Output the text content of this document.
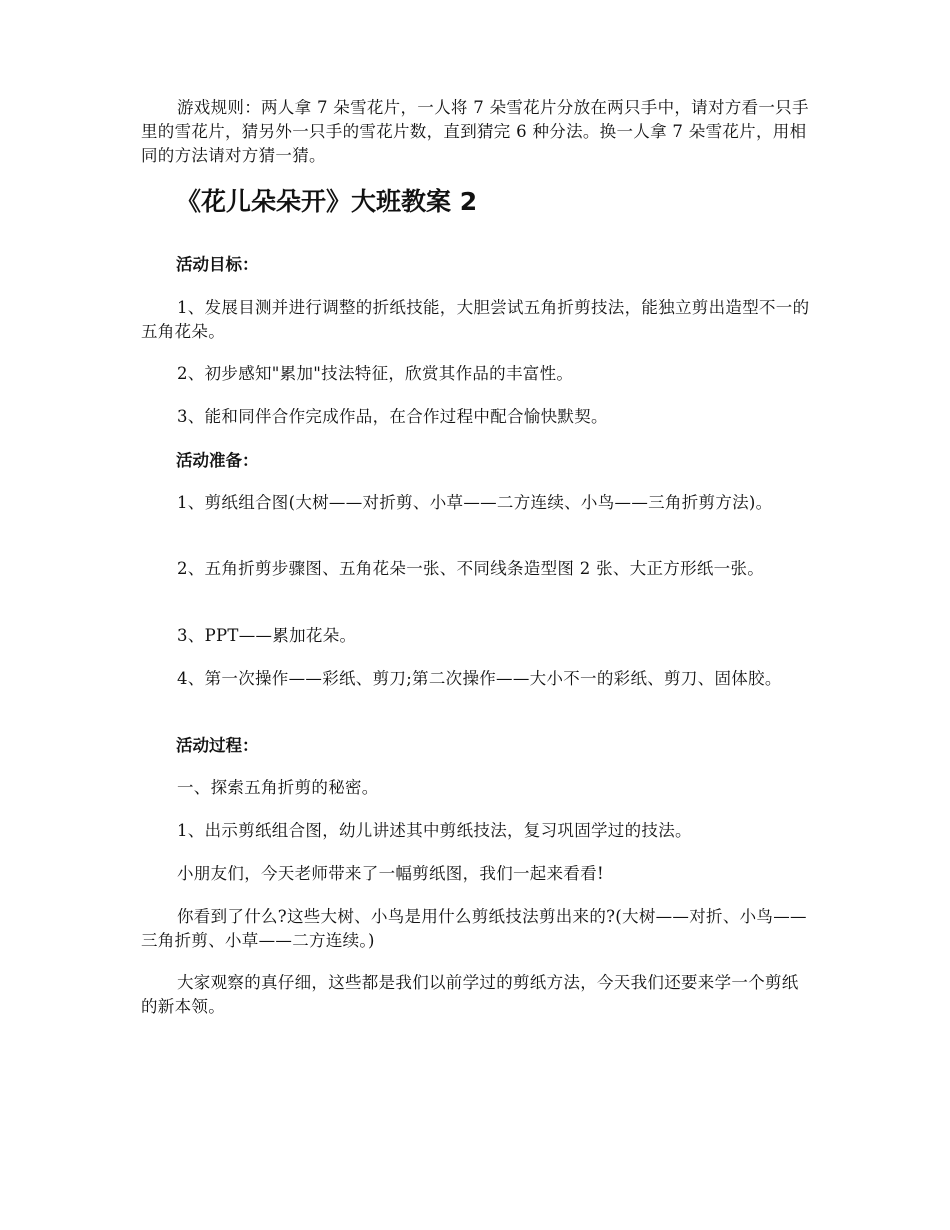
游戏规则：两人拿 7 朵雪花片，一人将 7 朵雪花片分放在两只手中，请对方看一只手里的雪花片，猜另外一只手的雪花片数，直到猜完 6 种分法。换一人拿 7 朵雪花片，用相同的方法请对方猜一猜。

《花儿朵朵开》大班教案 2
活动目标：

1、发展目测并进行调整的折纸技能，大胆尝试五角折剪技法，能独立剪出造型不一的五角花朵。

2、初步感知"累加"技法特征，欣赏其作品的丰富性。

3、能和同伴合作完成作品，在合作过程中配合愉快默契。

活动准备：

1、剪纸组合图(大树——对折剪、小草——二方连续、小鸟——三角折剪方法)。

2、五角折剪步骤图、五角花朵一张、不同线条造型图 2 张、大正方形纸一张。

3、PPT——累加花朵。

4、第一次操作——彩纸、剪刀;第二次操作——大小不一的彩纸、剪刀、固体胶。

活动过程：

一、探索五角折剪的秘密。

1、出示剪纸组合图，幼儿讲述其中剪纸技法，复习巩固学过的技法。

小朋友们，今天老师带来了一幅剪纸图，我们一起来看看!

你看到了什么?这些大树、小鸟是用什么剪纸技法剪出来的?(大树——对折、小鸟——三角折剪、小草——二方连续。)

大家观察的真仔细，这些都是我们以前学过的剪纸方法，今天我们还要来学一个剪纸的新本领。
